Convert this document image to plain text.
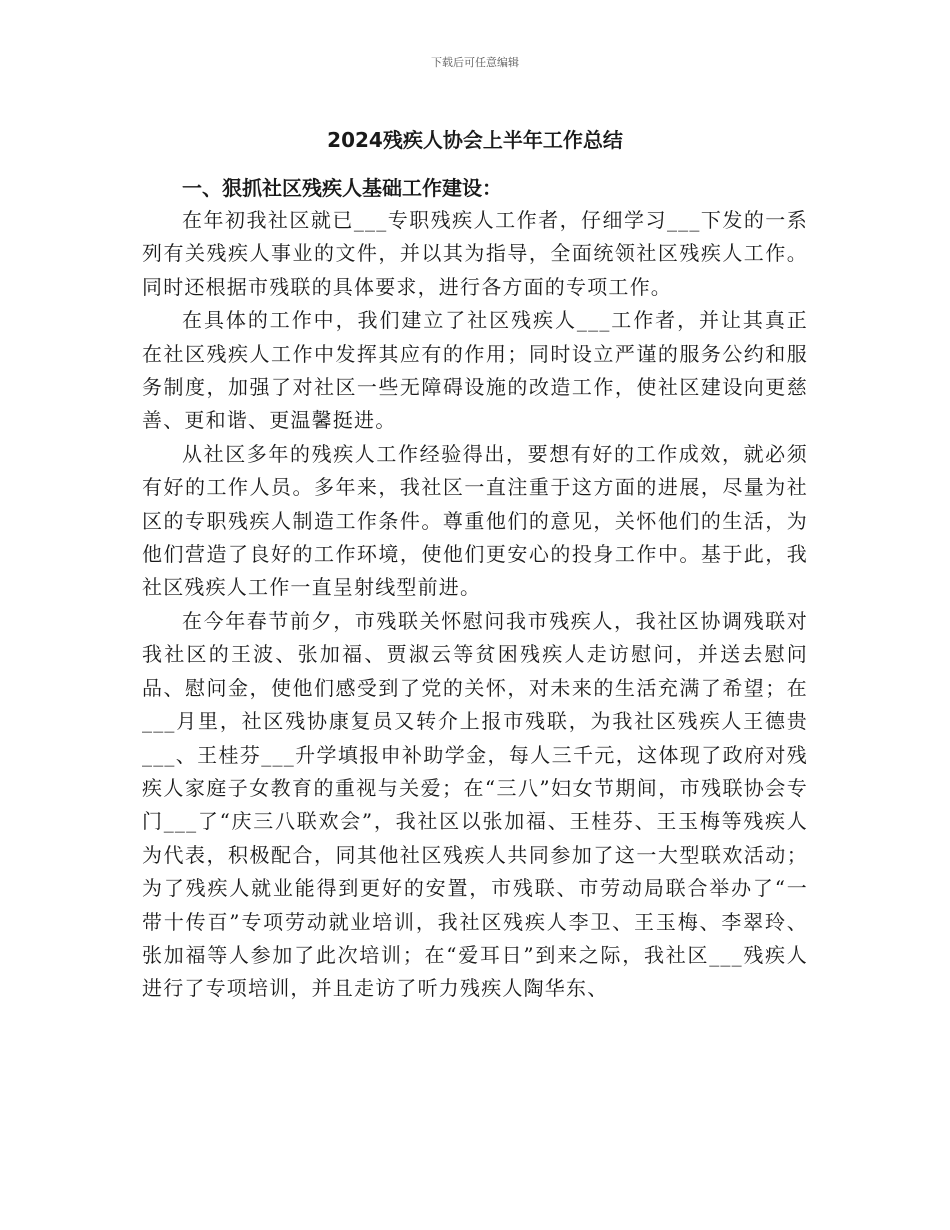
下载后可任意编辑
2024残疾人协会上半年工作总结
一、狠抓社区残疾人基础工作建设：

在年初我社区就已___专职残疾人工作者，仔细学习___下发的一系列有关残疾人事业的文件，并以其为指导，全面统领社区残疾人工作。同时还根据市残联的具体要求，进行各方面的专项工作。

在具体的工作中，我们建立了社区残疾人___工作者，并让其真正在社区残疾人工作中发挥其应有的作用；同时设立严谨的服务公约和服务制度，加强了对社区一些无障碍设施的改造工作，使社区建设向更慈善、更和谐、更温馨挺进。

从社区多年的残疾人工作经验得出，要想有好的工作成效，就必须有好的工作人员。多年来，我社区一直注重于这方面的进展，尽量为社区的专职残疾人制造工作条件。尊重他们的意见，关怀他们的生活，为他们营造了良好的工作环境，使他们更安心的投身工作中。基于此，我社区残疾人工作一直呈射线型前进。

在今年春节前夕，市残联关怀慰问我市残疾人，我社区协调残联对我社区的王波、张加福、贾淑云等贫困残疾人走访慰问，并送去慰问品、慰问金，使他们感受到了党的关怀，对未来的生活充满了希望；在___月里，社区残协康复员又转介上报市残联，为我社区残疾人王德贵___、王桂芬___升学填报申补助学金，每人三千元，这体现了政府对残疾人家庭子女教育的重视与关爱；在“三八”妇女节期间，市残联协会专门___了“庆三八联欢会”，我社区以张加福、王桂芬、王玉梅等残疾人为代表，积极配合，同其他社区残疾人共同参加了这一大型联欢活动；为了残疾人就业能得到更好的安置，市残联、市劳动局联合举办了“一带十传百”专项劳动就业培训，我社区残疾人李卫、王玉梅、李翠玲、张加福等人参加了此次培训；在“爱耳日”到来之际，我社区___残疾人进行了专项培训，并且走访了听力残疾人陶华东、
